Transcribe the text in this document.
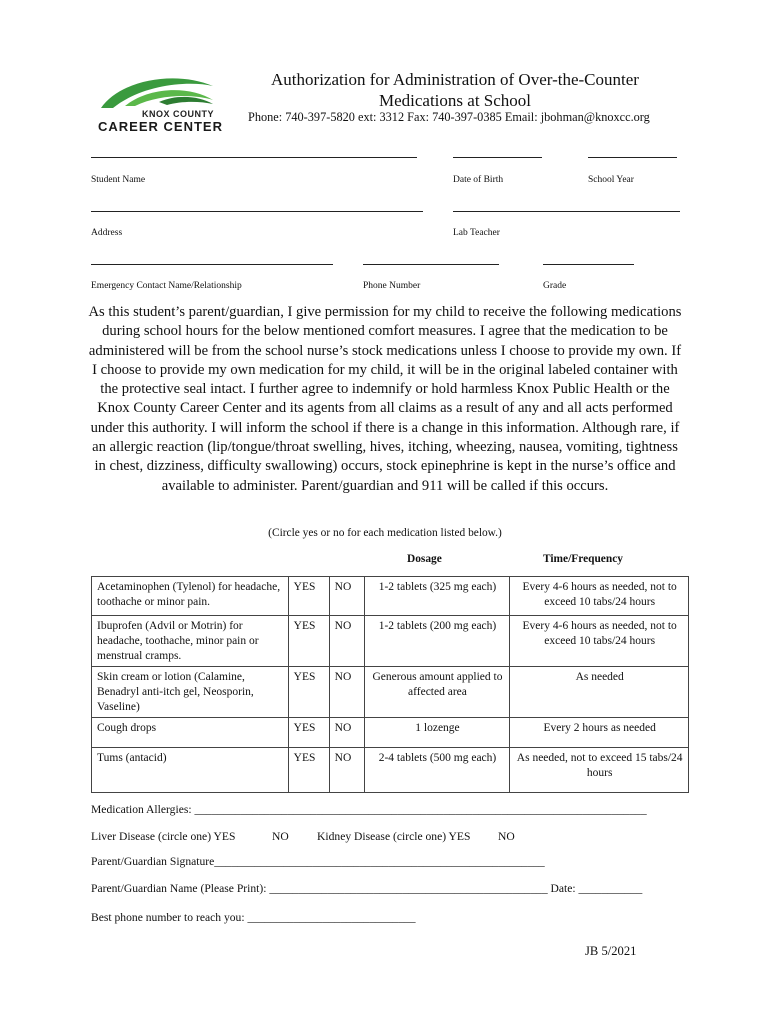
KNOX COUNTY
CAREER CENTER
Authorization for Administration of Over-the-Counter
Medications at School
Phone: 740-397-5820 ext: 3312 Fax: 740-397-0385 Email: jbohman@knoxcc.org
Student Name	Date of Birth	School Year
Address	Lab Teacher
Emergency Contact Name/Relationship	Phone Number	Grade
As this student’s parent/guardian, I give permission for my child to receive the following medications during school hours for the below mentioned comfort measures. I agree that the medication to be administered will be from the school nurse’s stock medications unless I choose to provide my own. If I choose to provide my own medication for my child, it will be in the original labeled container with the protective seal intact. I further agree to indemnify or hold harmless Knox Public Health or the Knox County Career Center and its agents from all claims as a result of any and all acts performed under this authority. I will inform the school if there is a change in this information. Although rare, if an allergic reaction (lip/tongue/throat swelling, hives, itching, wheezing, nausea, vomiting, tightness in chest, dizziness, difficulty swallowing) occurs, stock epinephrine is kept in the nurse’s office and available to administer. Parent/guardian and 911 will be called if this occurs.
(Circle yes or no for each medication listed below.)
Dosage	Time/Frequency
Acetaminophen (Tylenol) for headache, toothache or minor pain.	YES	NO	1-2 tablets (325 mg each)	Every 4-6 hours as needed, not to exceed 10 tabs/24 hours
Ibuprofen (Advil or Motrin) for headache, toothache, minor pain or menstrual cramps.	YES	NO	1-2 tablets (200 mg each)	Every 4-6 hours as needed, not to exceed 10 tabs/24 hours
Skin cream or lotion (Calamine, Benadryl anti-itch gel, Neosporin, Vaseline)	YES	NO	Generous amount applied to affected area	As needed
Cough drops	YES	NO	1 lozenge	Every 2 hours as needed
Tums (antacid)	YES	NO	2-4 tablets (500 mg each)	As needed, not to exceed 15 tabs/24 hours
Medication Allergies: ______________________________________________________________________________
Liver Disease (circle one) YES	NO Kidney Disease (circle one) YES NO
Parent/Guardian Signature_________________________________________________________
Parent/Guardian Name (Please Print): ________________________________________________ Date: ___________
Best phone number to reach you: _____________________________
JB 5/2021
